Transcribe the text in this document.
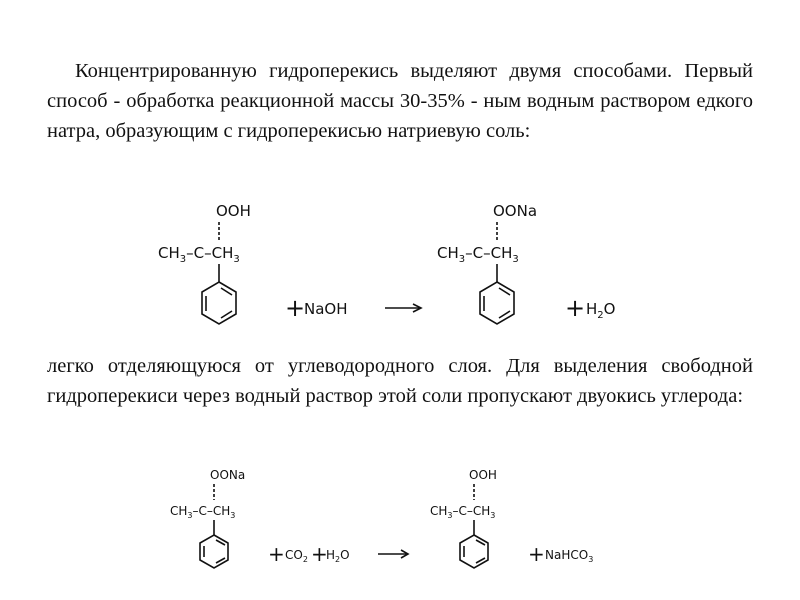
Концентрированную гидроперекись выделяют двумя способами. Первый способ - обработка реакционной массы 30-35% - ным водным раствором едкого натра, образующим с гидроперекисью натриевую соль:
OOH
$CH_3-C-CH_3$
+
NaOH
OONa
$CH_3-C-CH_3$
+ $H_2O$
OONa
$CH_3-C-CH_3$
+ $CO_2$ +
$H_2O$
OOH
$CH_3-C-CH_3$
+ NaHCO$_3$
легко отделяющуюся от углеводородного слоя. Для выделения свободной гидроперекиси через водный раствор этой соли пропускают двуокись углерода:
